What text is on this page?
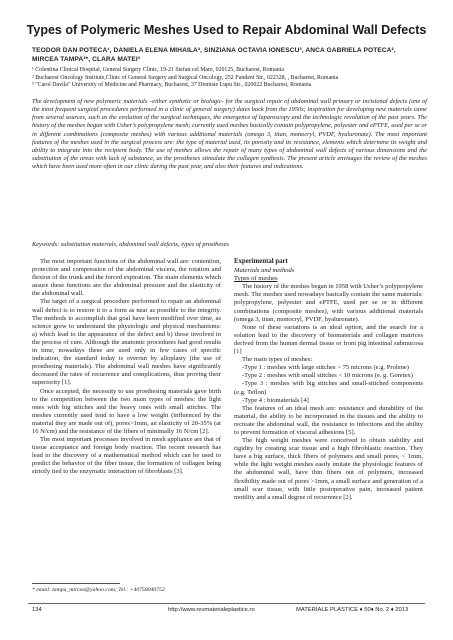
Types of Polymeric Meshes Used to Repair Abdominal Wall Defects
TEODOR DAN POTECA¹, DANIELA ELENA MIHAILA², SINZIANA OCTAVIA IONESCU³, ANCA GABRIELA POTECA²,
MIRCEA TAMPA³*, CLARA MATEI³
¹ Colentina Clinical Hospital, General Surgery Clinic, 19-21 Stefan cel Mare, 020125, Bucharest, Romania
² Bucharest Oncology Institute,Clinic of General Surgery and Surgical Oncology, 252 Fundeni Str., 022328, , Bucharest, Romania
³ "Carol Davila" University of Medicine and Pharmacy, Bucharest, 37 Dionisie Lupu Str., 020022 Bucharest, Romania
The development of new polymeric materials –either synthetic or biologic- for the surgical repair of abdominal wall primary or incisional defects (one of the most frequent surgical procedures performed in a clinic of general surgery) dates back from the 1950s; inspiration for developing new materials came from several sources, such as the evolution of the surgical techniques, the emergence of laparoscopy and the technologic revolution of the past years. The history of the meshes began with Usher’s polypropylene mesh; currently used meshes basically contain polypropylene, polyester and ePTFE, used per se or in different combinations (composite meshes) with various additional materials (omega 3, titan, monocryl, PVDF, hyaluronate). The most important features of the meshes used in the surgical process are: the type of material used, its porosity and its resistance, elements which determine its weight and ability to integrate into the recipient body. The use of meshes allows the repair of many types of abdominal wall defects of various dimensions and the substitution of the areas with lack of substance, as the prostheses stimulate the collagen synthesis. The present article envisages the review of the meshes which have been used more often in our clinic during the past year, and also their features and indications.
Keywords: substitution materials, abdominal wall defects, types of prostheses

The most important functions of the abdominal wall are: contention, protection and compression of the abdominal viscera, the rotation and flexion of the trunk and the forced expiration. The main elements which assure these functions are the abdominal pressure and the elasticity of the abdominal wall.

The target of a surgical procedure performed to repair an abdominal wall defect is to restore it to a form as near as possible to the integrity. The methods to accomplish that goal have been modified over time, as science grew to understand the physiologic and physical mechanisms: a) which lead to the appearance of the defect and b) those involved in the process of cure. Although the anatomic procedures had good results in time, nowadays these are used only in few cases of specific indication, the standard today is overrun by alloplasty (the use of prosthesing materials). The abdominal wall meshes have significantly decreased the rates of recurrence and complications, thus proving their superiority [1].

Once accepted, the necessity to use prosthesing materials gave birth to the competition between the two main types of meshes: the light ones with big stitches and the heavy ones with small stitches. The meshes currently used tend to have a low weight (influenced by the material they are made out of), pores>1mm, an elasticity of 20-35% (at 16 N/cm) and the resistance of the fibers of minimally 16 N/cm [2].

The most important processes involved in mesh appliance are that of tissue acceptance and foreign body reaction. The recent research has lead to the discovery of a mathematical method which can be used to predict the behavior of the fiber tissue, the formation of collagen being strictly tied to the enzymatic interaction of fibroblasts [3].

Experimental part

Materials and methods

Types of meshes

The history of the meshes began in 1958 with Usher’s polypropylene mesh. The meshes used nowadays basically contain the same materials: polypropylene, polyester and ePTFE, used per se or in different combinations (composite meshes), with various additional materials (omega 3, titan, monocryl, PVDF, hyaluronate).

None of these variations is an ideal option, and the search for a solution lead to the discovery of biomaterials and collagen matrices derived from the human dermal tissue or from pig intestinal submucosa [1]

The main types of meshes:

-Type 1 : meshes with large stitches > 75 microns (e.g. Prolene)

-Type 2 : meshes with small stitches < 10 microns (e. g. Goretex)

-Type 3 : meshes with big stitches and small-stitched components (e.g. Teflon)

-Type 4 : biomaterials [4]

The features of an ideal mesh are: resistance and durability of the material, the ability to be incorporated in the tissues and the ability to recreate the abdominal wall, the resistance to infections and the ability to prevent formation of visceral adhesions [5].

The high weight meshes were conceived to obtain stability and rigidity by creating scar tissue and a high fibroblastic reaction. They have a big surface, thick fibers of polymers and small pores, < 1mm, while the light weight meshes easily imitate the physiologic features of the abdominal wall, have thin fibers out of polymers, increased flexibility made out of pores >1mm, a small surface and generation of a small scar tissue, with little postoperative pain, increased patient motility and a small degree of recurrence [2].

* email: tampa_mircea@yahoo.com; Tel.: +40758040752
134	http://www.revmaterialeplastice.ro	MATERIALE PLASTICE ♦ 50♦ No. 2 ♦ 2013
